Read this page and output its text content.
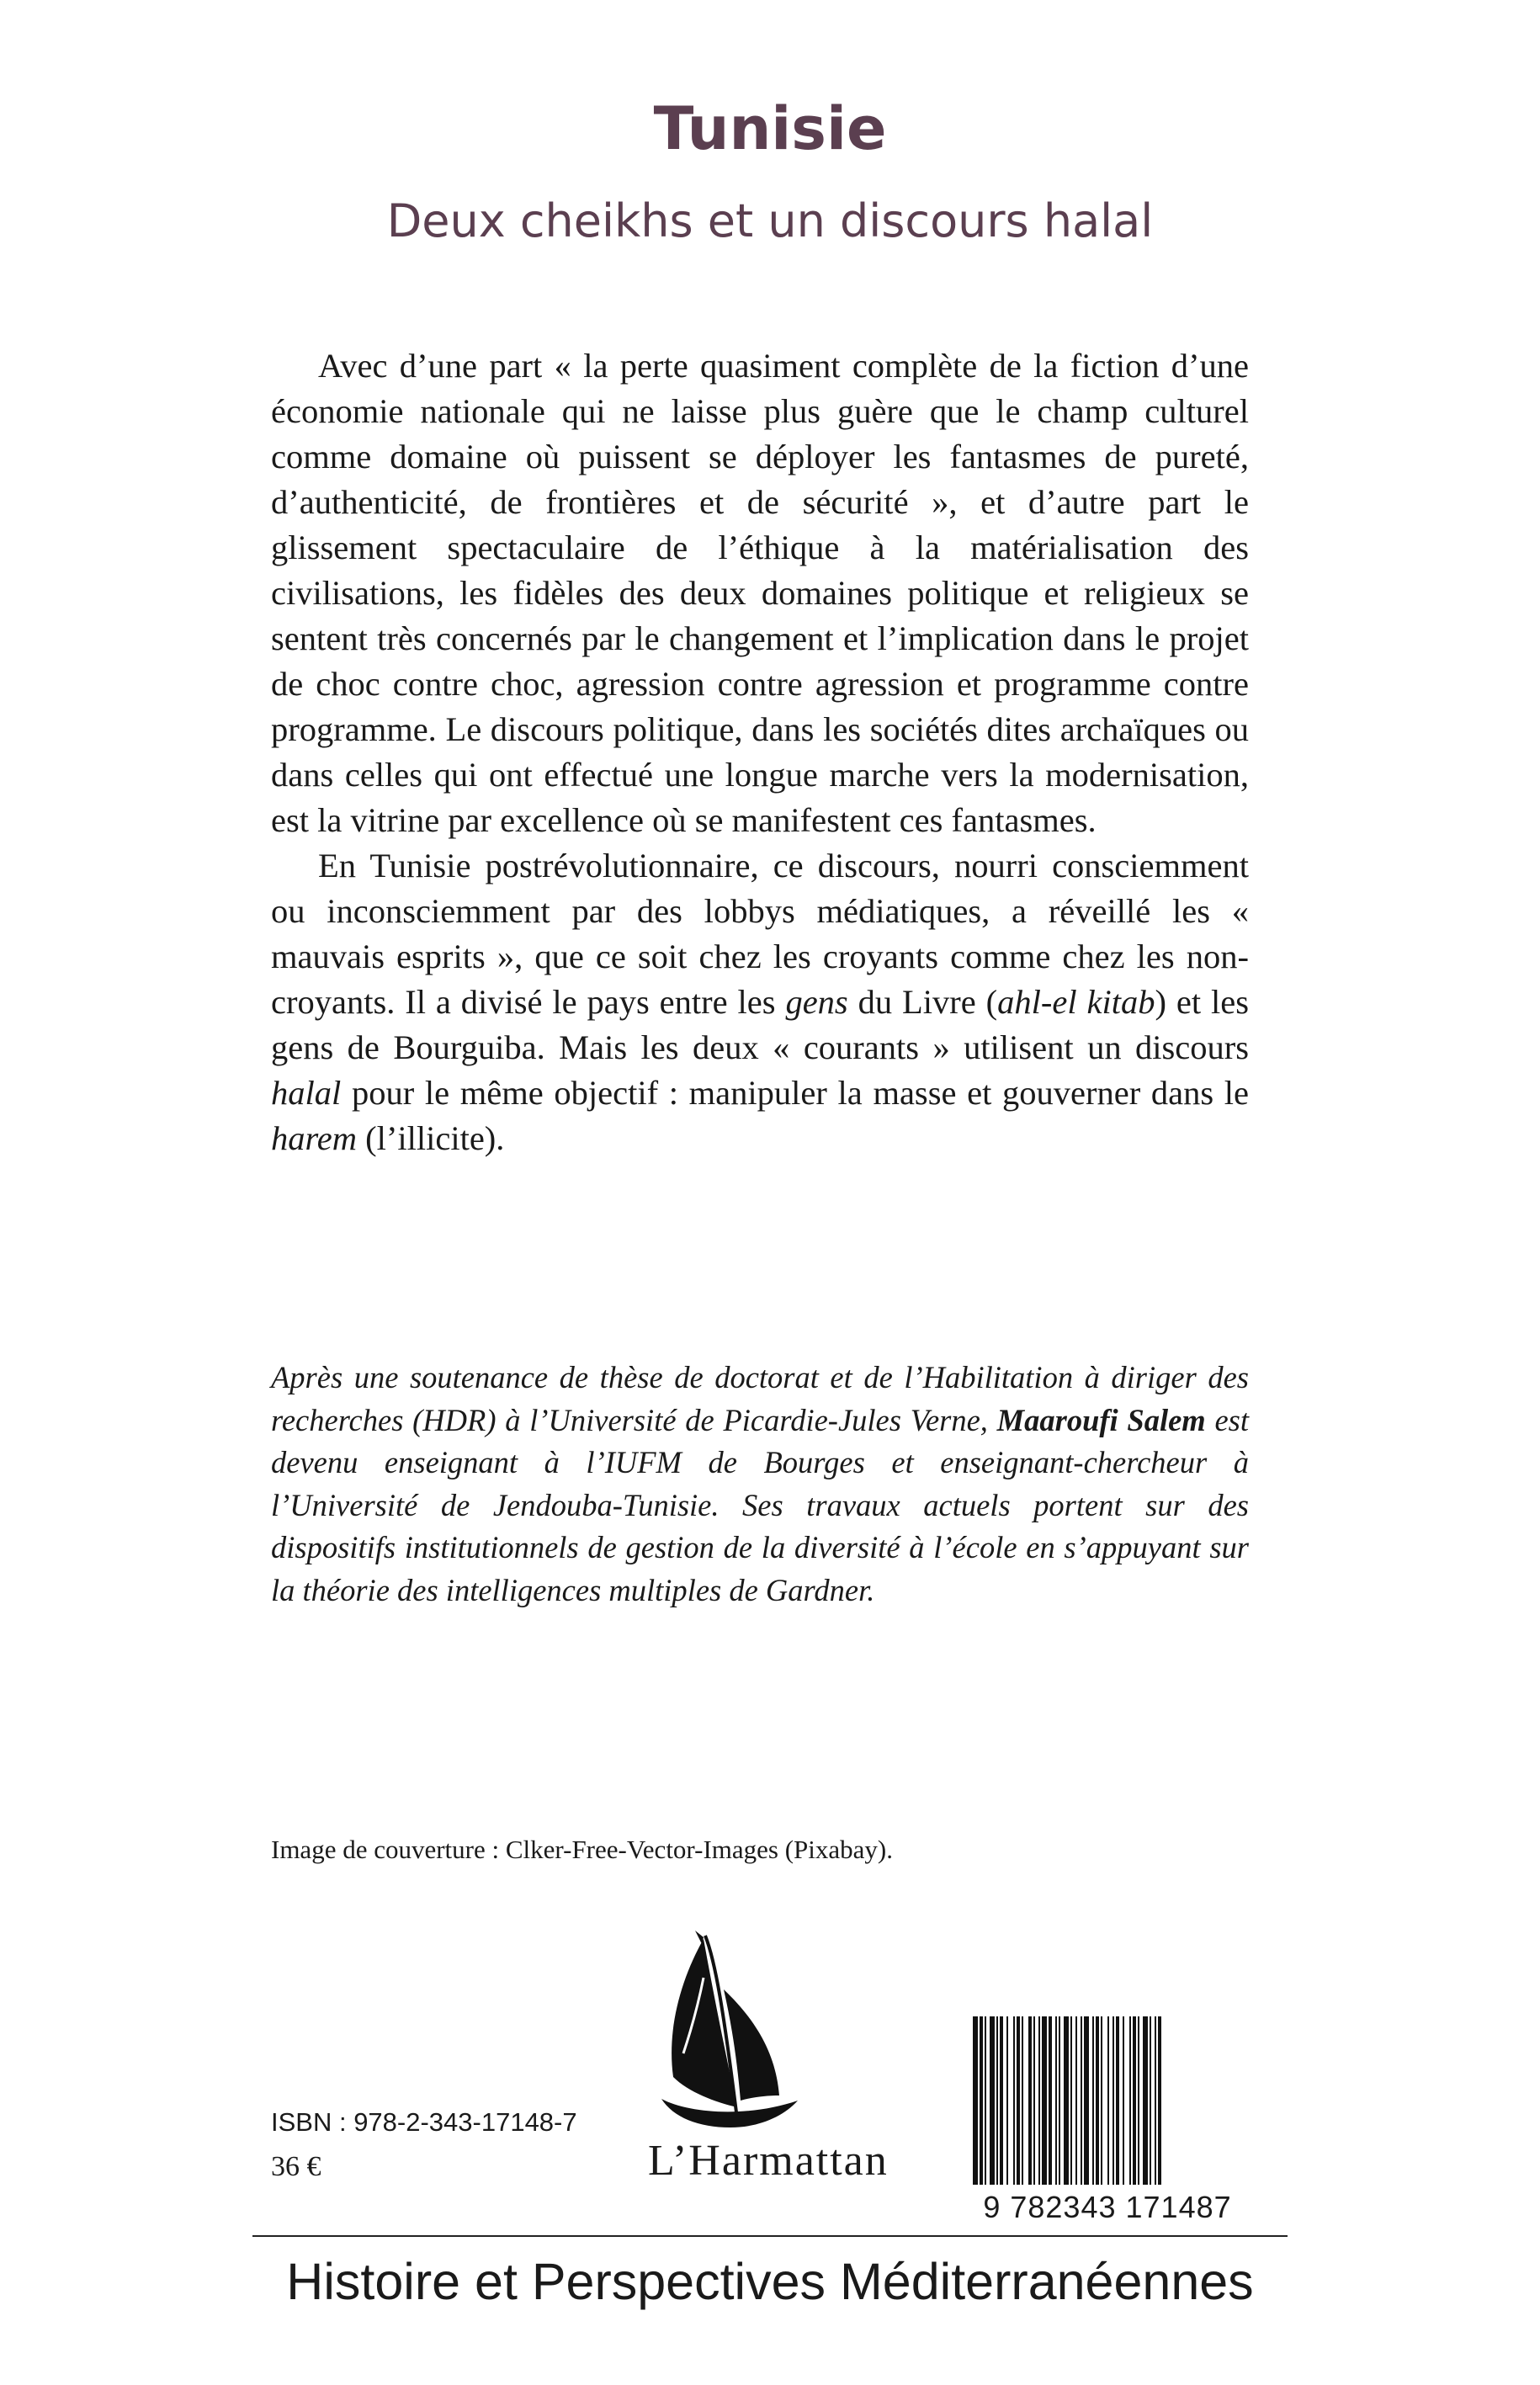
Tunisie
Deux cheikhs et un discours halal

Avec d’une part « la perte quasiment complète de la fiction d’une économie nationale qui ne laisse plus guère que le champ culturel comme domaine où puissent se déployer les fantasmes de pureté, d’authenticité, de frontières et de sécurité », et d’autre part le glissement spectaculaire de l’éthique à la matérialisation des civilisations, les fidèles des deux domaines politique et religieux se sentent très concernés par le changement et l’implication dans le projet de choc contre choc, agression contre agression et programme contre programme. Le discours politique, dans les sociétés dites archaïques ou dans celles qui ont effectué une longue marche vers la modernisation, est la vitrine par excellence où se manifestent ces fantasmes.

En Tunisie postrévolutionnaire, ce discours, nourri consciemment ou inconsciemment par des lobbys médiatiques, a réveillé les « mauvais esprits », que ce soit chez les croyants comme chez les non-croyants. Il a divisé le pays entre les gens du Livre (ahl-el kitab) et les gens de Bourguiba. Mais les deux « courants » utilisent un discours halal pour le même objectif : manipuler la masse et gouverner dans le harem (l’illicite).

Après une soutenance de thèse de doctorat et de l’Habilitation à diriger des recherches (HDR) à l’Université de Picardie-Jules Verne, Maaroufi Salem est devenu enseignant à l’IUFM de Bourges et enseignant-chercheur à l’Université de Jendouba-Tunisie. Ses travaux actuels portent sur des dispositifs institutionnels de gestion de la diversité à l’école en s’appuyant sur la théorie des intelligences multiples de Gardner.
Image de couverture : Clker-Free-Vector-Images (Pixabay).
ISBN : 978-2-343-17148-7
36 €	L’Harmattan
9 782343 171487
Histoire et Perspectives Méditerranéennes
